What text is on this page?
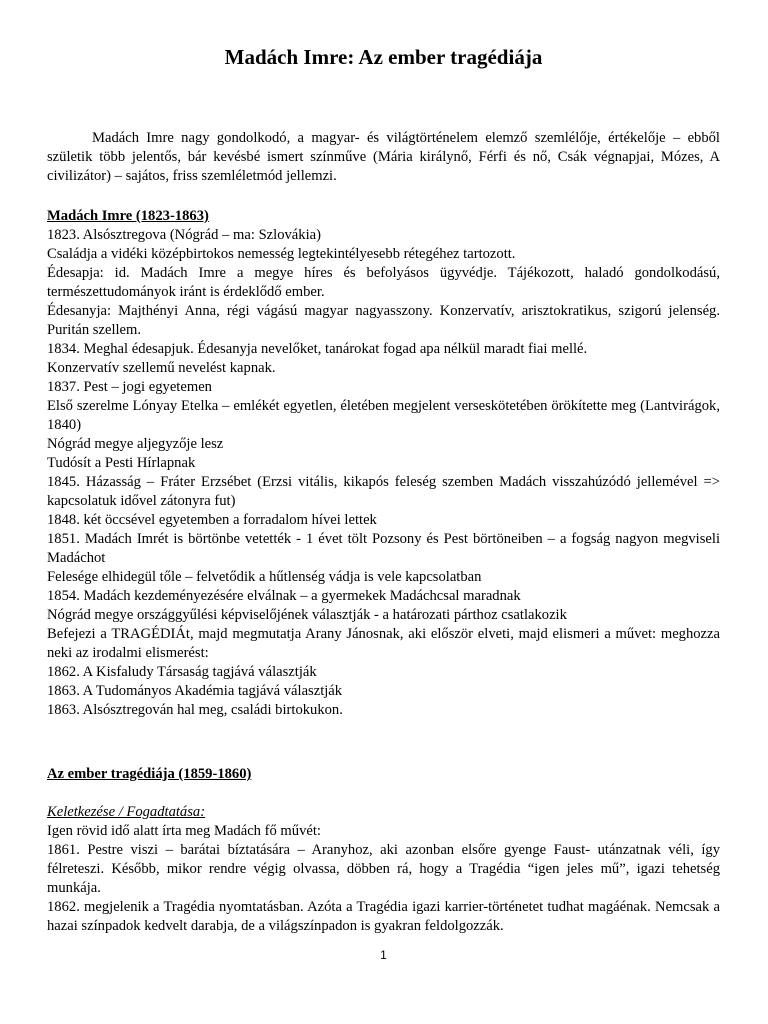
Madách Imre: Az ember tragédiája

Madách Imre nagy gondolkodó, a magyar- és világtörténelem elemző szemlélője, értékelője – ebből születik több jelentős, bár kevésbé ismert színműve (Mária királynő, Férfi és nő, Csák végnapjai, Mózes, A civilizátor) – sajátos, friss szemléletmód jellemzi.

Madách Imre (1823-1863)

1823. Alsósztregova (Nógrád – ma: Szlovákia)

Családja a vidéki középbirtokos nemesség legtekintélyesebb rétegéhez tartozott.

Édesapja: id. Madách Imre a megye híres és befolyásos ügyvédje. Tájékozott, haladó gondolkodású, természettudományok iránt is érdeklődő ember.

Édesanyja: Majthényi Anna, régi vágású magyar nagyasszony. Konzervatív, arisztokratikus, szigorú jelenség. Puritán szellem.

1834. Meghal édesapjuk. Édesanyja nevelőket, tanárokat fogad apa nélkül maradt fiai mellé.

Konzervatív szellemű nevelést kapnak.

1837. Pest – jogi egyetemen

Első szerelme Lónyay Etelka – emlékét egyetlen, életében megjelent verseskötetében örökítette meg (Lantvirágok, 1840)

Nógrád megye aljegyzője lesz

Tudósít a Pesti Hírlapnak

1845. Házasság – Fráter Erzsébet (Erzsi vitális, kikapós feleség szemben Madách visszahúzódó jellemével => kapcsolatuk idővel zátonyra fut)

1848. két öccsével egyetemben a forradalom hívei lettek

1851. Madách Imrét is börtönbe vetették - 1 évet tölt Pozsony és Pest börtöneiben – a fogság nagyon megviseli Madáchot

Felesége elhidegül tőle – felvetődik a hűtlenség vádja is vele kapcsolatban

1854. Madách kezdeményezésére elválnak – a gyermekek Madáchcsal maradnak

Nógrád megye országgyűlési képviselőjének választják - a határozati párthoz csatlakozik

Befejezi a TRAGÉDIÁt, majd megmutatja Arany Jánosnak, aki először elveti, majd elismeri a művet: meghozza neki az irodalmi elismerést:

1862. A Kisfaludy Társaság tagjává választják

1863. A Tudományos Akadémia tagjává választják

1863. Alsósztregován hal meg, családi birtokukon.

Az ember tragédiája (1859-1860)

Keletkezése / Fogadtatása:

Igen rövid idő alatt írta meg Madách fő művét:

1861. Pestre viszi – barátai bíztatására – Aranyhoz, aki azonban elsőre gyenge Faust- utánzatnak véli, így félreteszi. Később, mikor rendre végig olvassa, döbben rá, hogy a Tragédia “igen jeles mű”, igazi tehetség munkája.

1862. megjelenik a Tragédia nyomtatásban. Azóta a Tragédia igazi karrier-történetet tudhat magáénak. Nemcsak a hazai színpadok kedvelt darabja, de a világszínpadon is gyakran feldolgozzák.

1
